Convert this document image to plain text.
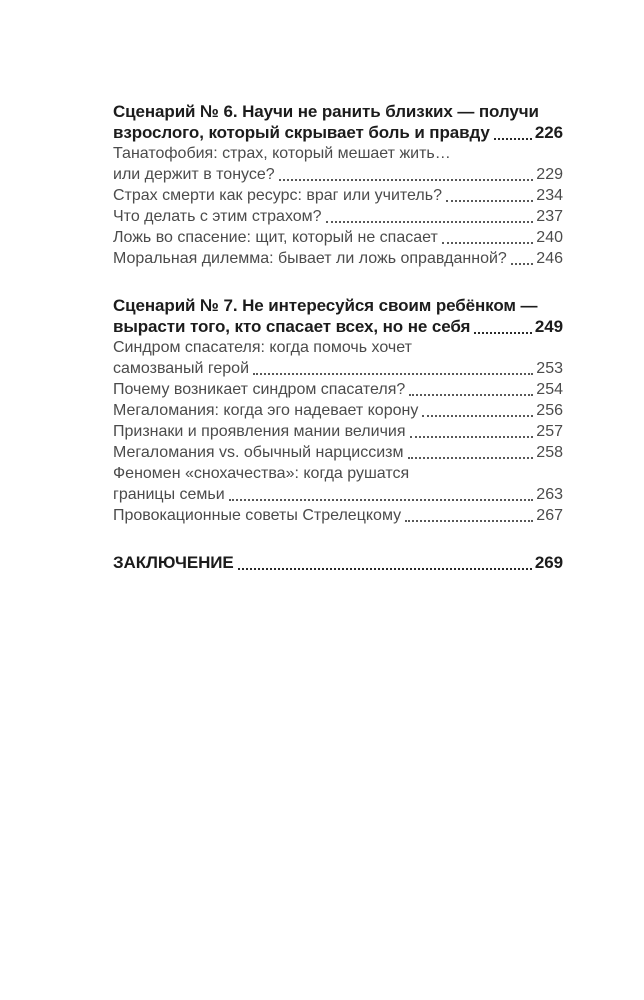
Сценарий № 6. Научи не ранить близких — получи
взрослого, который скрывает боль и правду	226
Танатофобия: страх, который мешает жить…
или держит в тонусе?	229
Страх смерти как ресурс: враг или учитель?	234
Что делать с этим страхом?	237
Ложь во спасение: щит, который не спасает	240
Моральная дилемма: бывает ли ложь оправданной? 246
Сценарий № 7. Не интересуйся своим ребёнком —
вырасти того, кто спасает всех, но не себя	249
Синдром спасателя: когда помочь хочет
самозваный герой	253
Почему возникает синдром спасателя?	254
Мегаломания: когда эго надевает корону	256
Признаки и проявления мании величия	257
Мегаломания vs. обычный нарциссизм	258
Феномен «снохачества»: когда рушатся
границы семьи	263
Провокационные советы Стрелецкому	267
ЗАКЛЮЧЕНИЕ	269
